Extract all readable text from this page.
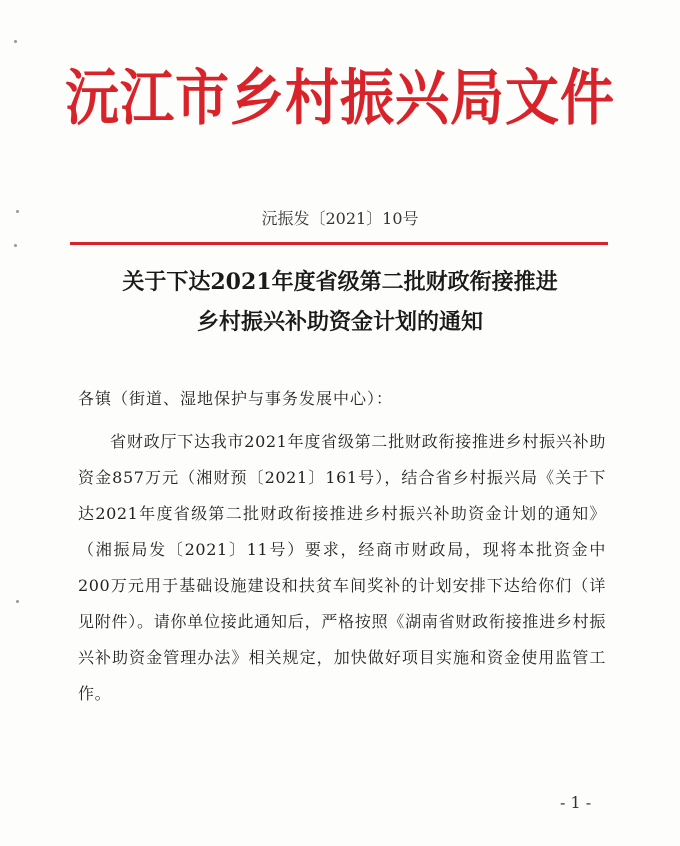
沅江市乡村振兴局文件
沅振发〔2021〕10号
关于下达2021年度省级第二批财政衔接推进
乡村振兴补助资金计划的通知
各镇（街道、湿地保护与事务发展中心）：
省财政厅下达我市2021年度省级第二批财政衔接推进乡村振兴补助资金857万元（湘财预〔2021〕161号），结合省乡村振兴局《关于下达2021年度省级第二批财政衔接推进乡村振兴补助资金计划的通知》（湘振局发〔2021〕11号）要求，经商市财政局，现将本批资金中200万元用于基础设施建设和扶贫车间奖补的计划安排下达给你们（详见附件）。请你单位接此通知后，严格按照《湖南省财政衔接推进乡村振兴补助资金管理办法》相关规定，加快做好项目实施和资金使用监管工作。
- 1 -
